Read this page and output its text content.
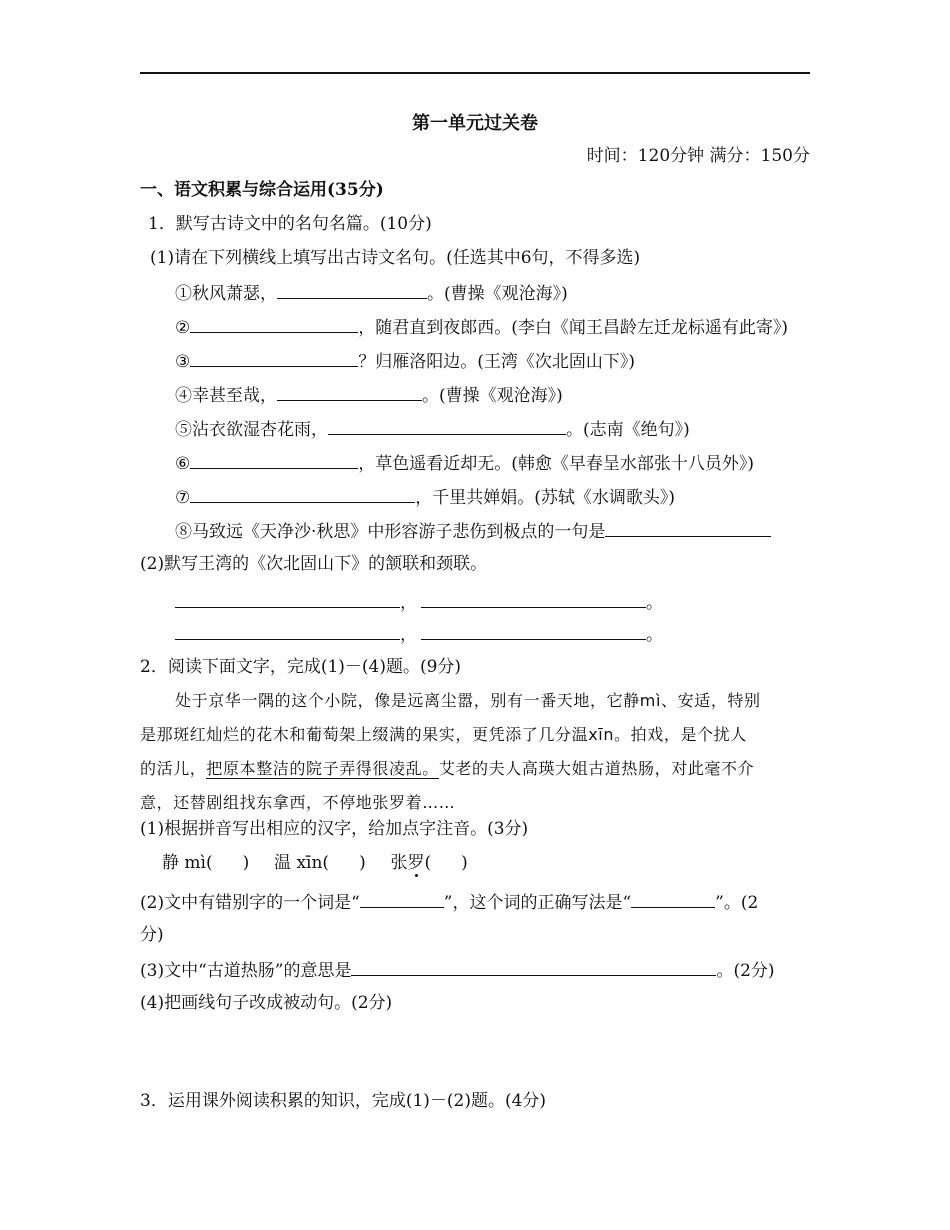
第一单元过关卷
时间：120分钟 满分：150分
一、语文积累与综合运用(35分)
1．默写古诗文中的名句名篇。(10分)
(1)请在下列横线上填写出古诗文名句。(任选其中6句，不得多选)
①秋风萧瑟，	。(曹操《观沧海》)
②	，随君直到夜郎西。(李白《闻王昌龄左迁龙标遥有此寄》)
③	？归雁洛阳边。(王湾《次北固山下》)
④幸甚至哉，	。(曹操《观沧海》)
⑤沾衣欲湿杏花雨，	。(志南《绝句》)
⑥	，草色遥看近却无。(韩愈《早春呈水部张十八员外》)
⑦	，千里共婵娟。(苏轼《水调歌头》)
⑧马致远《天净沙·秋思》中形容游子悲伤到极点的一句是
(2)默写王湾的《次北固山下》的颔联和颈联。
，	。
，	。
2．阅读下面文字，完成(1)－(4)题。(9分)
处于京华一隅的这个小院，像是远离尘嚣，别有一番天地，它静mì、安适，特别
是那斑红灿烂的花木和葡萄架上缀满的果实，更凭添了几分温xīn。拍戏，是个扰人
的活儿，把原本整洁的院子弄得很凌乱。艾老的夫人高瑛大姐古道热肠，对此毫不介
意，还替剧组找东拿西，不停地张罗着……
(1)根据拼音写出相应的汉字，给加点字注音。(3分)
静 mì( ) 温 xīn( ) 张罗( )
(2)文中有错别字的一个词是“	”，这个词的正确写法是“	”。(2
分)
(3)文中“古道热肠”的意思是	。(2分)
(4)把画线句子改成被动句。(2分)
3．运用课外阅读积累的知识，完成(1)－(2)题。(4分)
